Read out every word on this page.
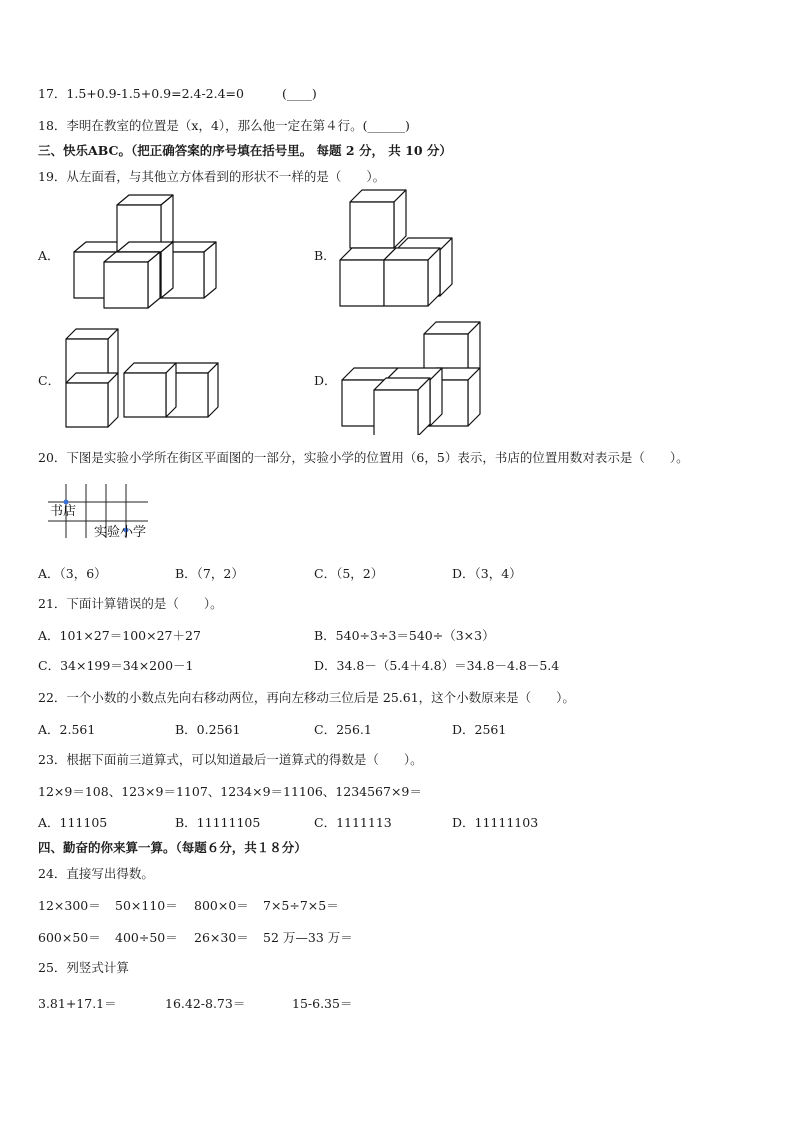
17．1.5+0.9-1.5+0.9=2.4-2.4=0	(____)
18．李明在教室的位置是（x，4），那么他一定在第４行。(______)
三、快乐ABC。（把正确答案的序号填在括号里。 每题 2 分， 共 10 分）
19．从左面看，与其他立方体看到的形状不一样的是（　　）。
A．	B．
C．	D．
20．下图是实验小学所在街区平面图的一部分，实验小学的位置用（6，5）表示，书店的位置用数对表示是（　　）。
书店
实验小学
A．（3，6）	B．（7，2）	C．（5，2）	D．（3，4）
21．下面计算错误的是（　　）。
A．101×27＝100×27＋27	B．540÷3÷3＝540÷（3×3）
C．34×199＝34×200－1	D．34.8－（5.4＋4.8）＝34.8－4.8－5.4
22．一个小数的小数点先向右移动两位，再向左移动三位后是 25.61，这个小数原来是（　　）。
A．2.561	B．0.2561	C．256.1	D．2561
23．根据下面前三道算式，可以知道最后一道算式的得数是（　　）。
12×9＝108、123×9＝1107、1234×9＝11106、1234567×9＝
A．111105	B．11111105	C．1111113	D．11111103
四、勤奋的你来算一算。（每题６分，共１８分）
24．直接写出得数。
12×300＝ 50×110＝ 800×0＝ 7×5÷7×5＝
600×50＝ 400÷50＝ 26×30＝ 52 万—33 万＝
25．列竖式计算
3.81+17.1＝	16.42-8.73＝	15-6.35＝
